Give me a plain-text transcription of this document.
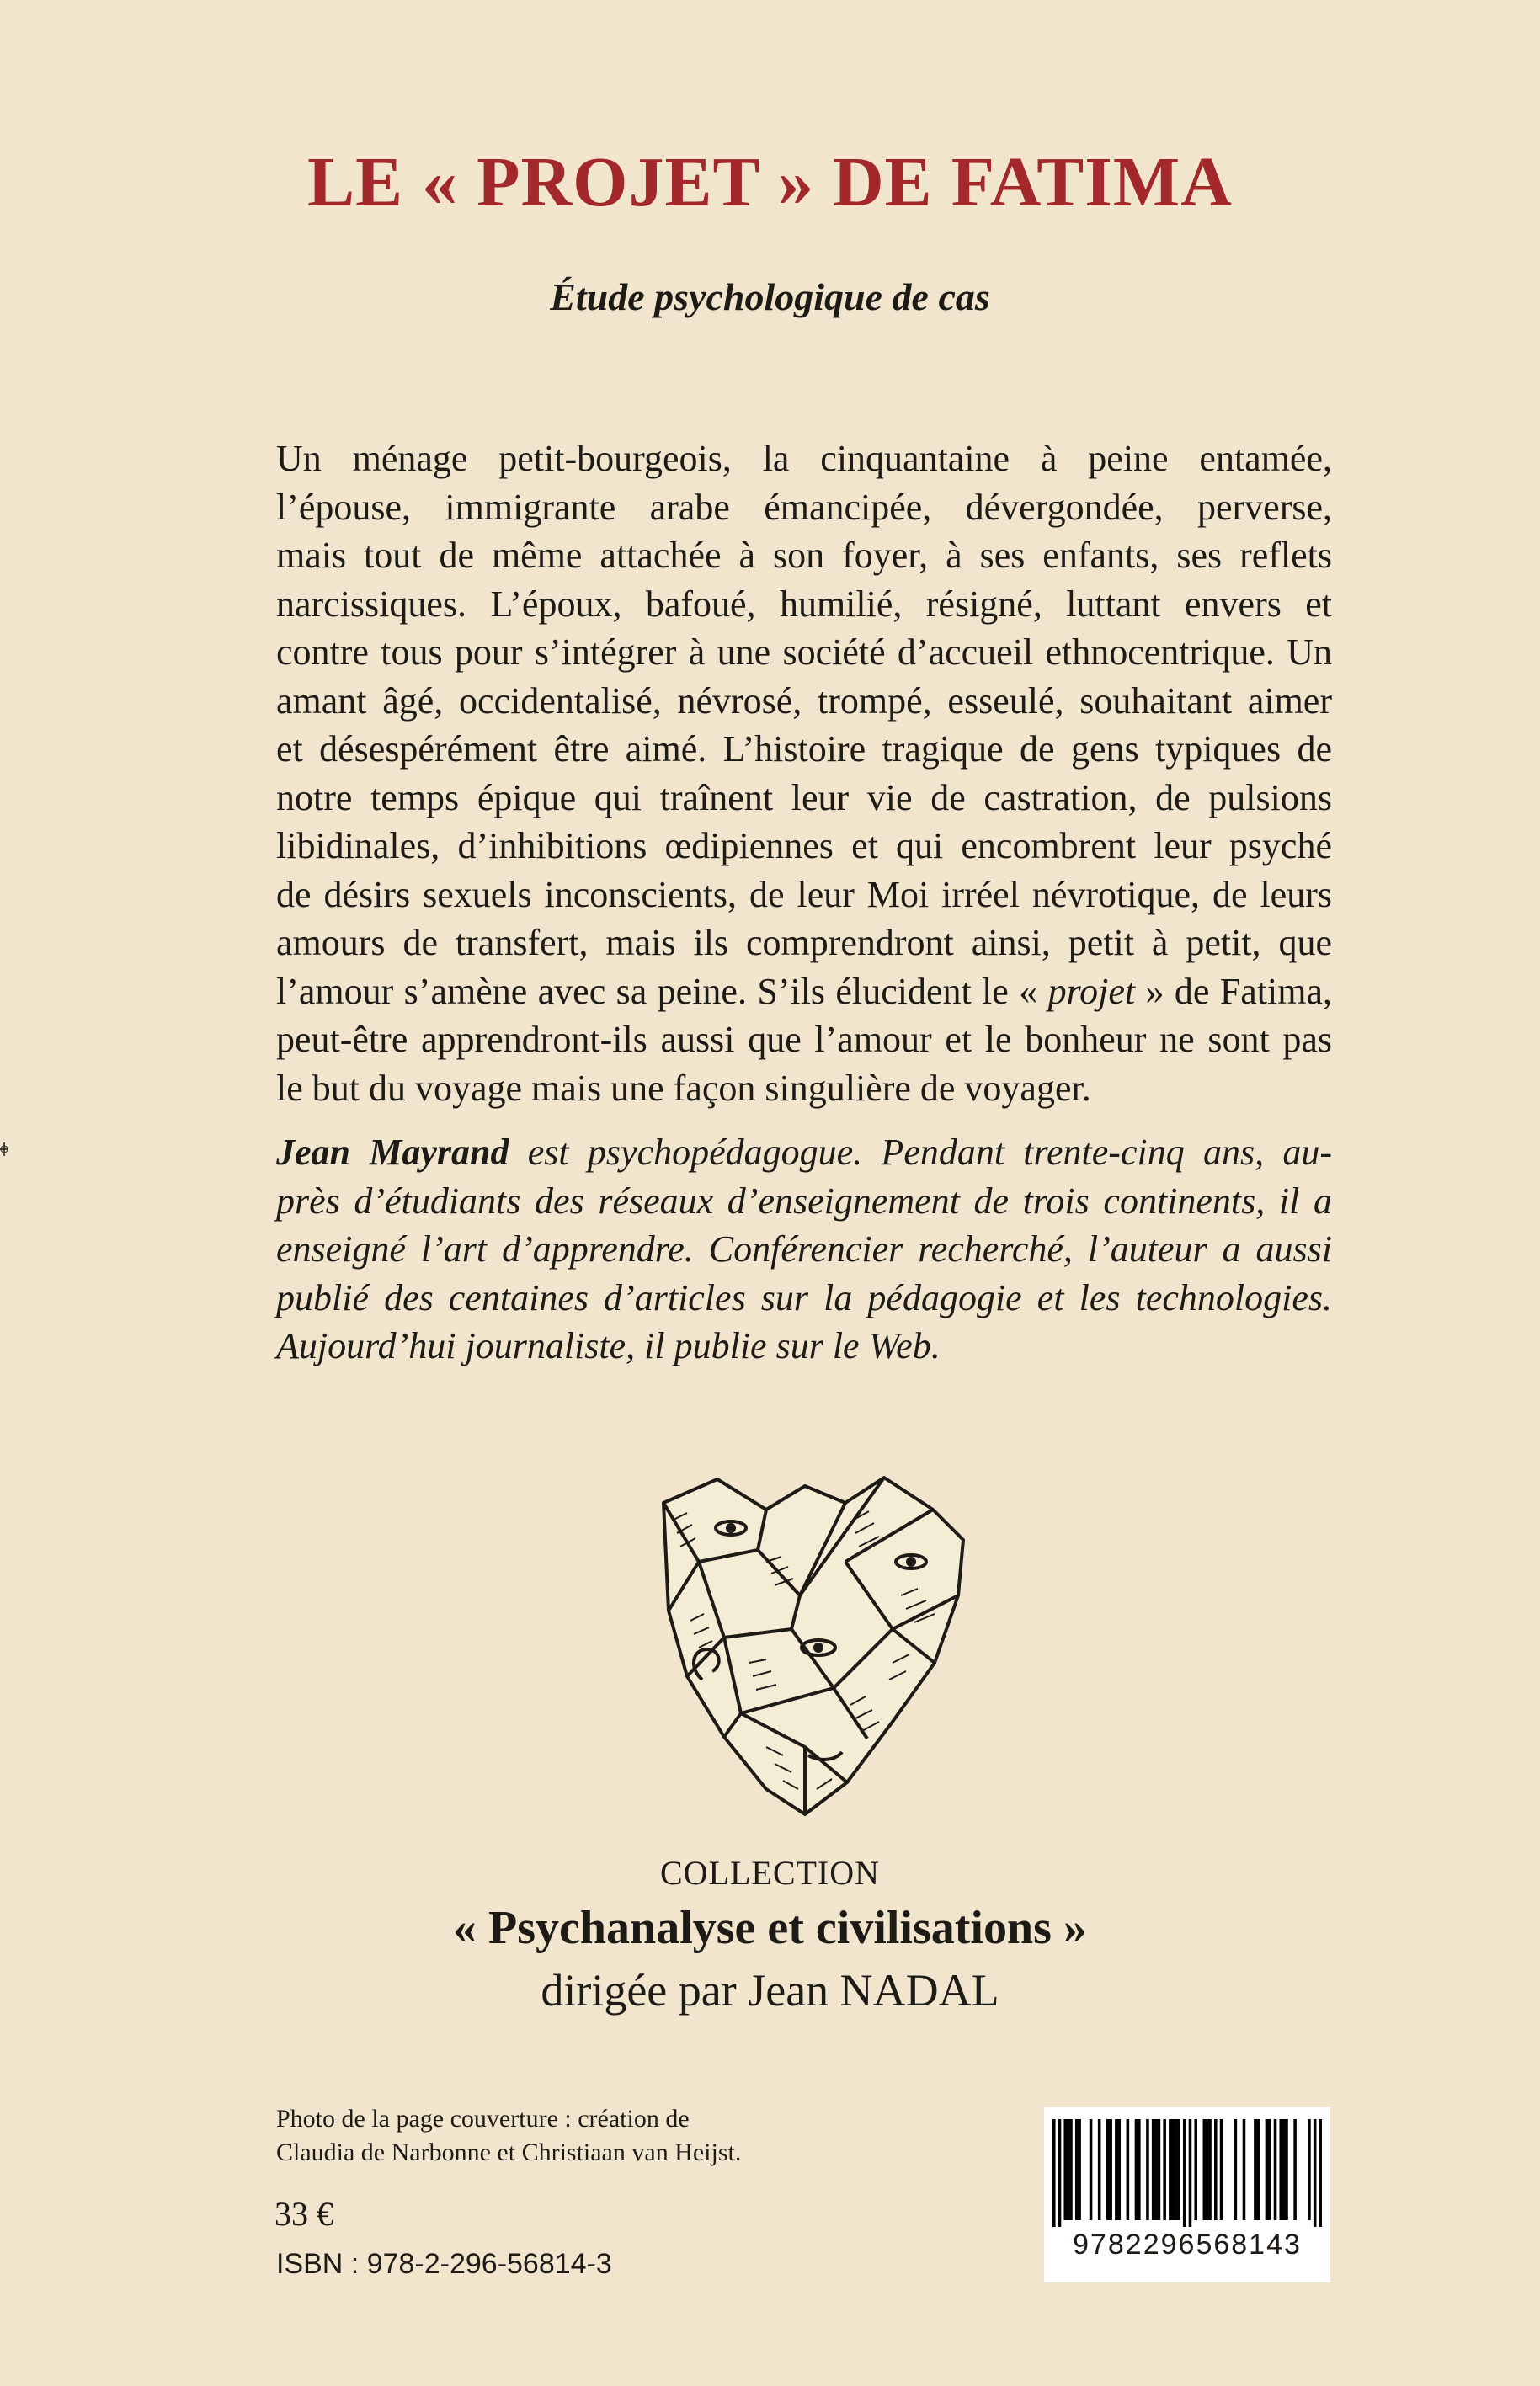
LE « PROJET » DE FATIMA
Étude psychologique de cas
Un ménage petit-bourgeois, la cinquantaine à peine entamée,
l’épouse, immigrante arabe émancipée, dévergondée, perverse,
mais tout de même attachée à son foyer, à ses enfants, ses reflets
narcissiques. L’époux, bafoué, humilié, résigné, luttant envers et
contre tous pour s’intégrer à une société d’accueil ethnocentrique. Un
amant âgé, occidentalisé, névrosé, trompé, esseulé, souhaitant aimer
et désespérément être aimé. L’histoire tragique de gens typiques de
notre temps épique qui traînent leur vie de castration, de pulsions
libidinales, d’inhibitions œdipiennes et qui encombrent leur psyché
de désirs sexuels inconscients, de leur Moi irréel névrotique, de leurs
amours de transfert, mais ils comprendront ainsi, petit à petit, que
l’amour s’amène avec sa peine. S’ils élucident le « projet » de Fatima,
peut-être apprendront-ils aussi que l’amour et le bonheur ne sont pas
le but du voyage mais une façon singulière de voyager.
Jean Mayrand est psychopédagogue. Pendant trente-cinq ans, au-
près d’étudiants des réseaux d’enseignement de trois continents, il a
enseigné l’art d’apprendre. Conférencier recherché, l’auteur a aussi
publié des centaines d’articles sur la pédagogie et les technologies.
Aujourd’hui journaliste, il publie sur le Web.

COLLECTION

« Psychanalyse et civilisations »

dirigée par Jean NADAL

Photo de la page couverture : création de
Claudia de Narbonne et Christiaan van Heijst.

33 €

ISBN : 978-2-296-56814-3

9782296568143
